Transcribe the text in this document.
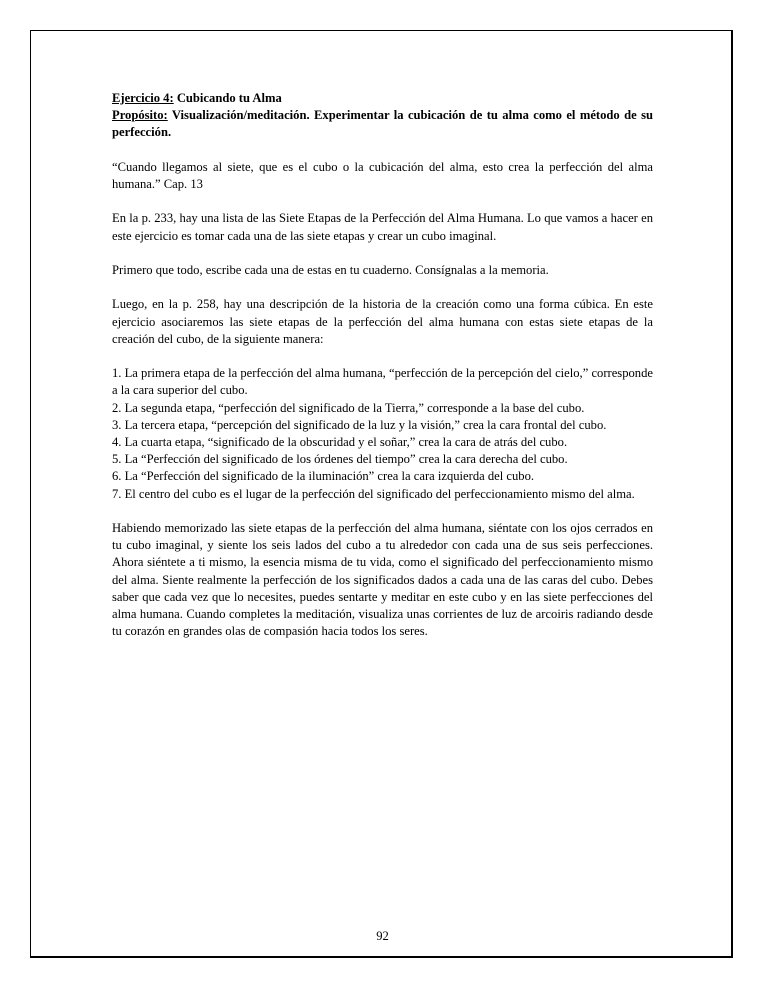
Ejercicio 4: Cubicando tu Alma
Propósito: Visualización/meditación. Experimentar la cubicación de tu alma como el método de su perfección.

“Cuando llegamos al siete, que es el cubo o la cubicación del alma, esto crea la perfección del alma humana.” Cap. 13

En la p. 233, hay una lista de las Siete Etapas de la Perfección del Alma Humana. Lo que vamos a hacer en este ejercicio es tomar cada una de las siete etapas y crear un cubo imaginal.

Primero que todo, escribe cada una de estas en tu cuaderno. Consígnalas a la memoria.

Luego, en la p. 258, hay una descripción de la historia de la creación como una forma cúbica. En este ejercicio asociaremos las siete etapas de la perfección del alma humana con estas siete etapas de la creación del cubo, de la siguiente manera:

1. La primera etapa de la perfección del alma humana, “perfección de la percepción del cielo,” corresponde a la cara superior del cubo.
2. La segunda etapa, “perfección del significado de la Tierra,” corresponde a la base del cubo.
3. La tercera etapa, “percepción del significado de la luz y la visión,” crea la cara frontal del cubo.
4. La cuarta etapa, “significado de la obscuridad y el soñar,” crea la cara de atrás del cubo.
5. La “Perfección del significado de los órdenes del tiempo” crea la cara derecha del cubo.
6. La “Perfección del significado de la iluminación” crea la cara izquierda del cubo.
7. El centro del cubo es el lugar de la perfección del significado del perfeccionamiento mismo del alma.

Habiendo memorizado las siete etapas de la perfección del alma humana, siéntate con los ojos cerrados en tu cubo imaginal, y siente los seis lados del cubo a tu alrededor con cada una de sus seis perfecciones. Ahora siéntete a ti mismo, la esencia misma de tu vida, como el significado del perfeccionamiento mismo del alma. Siente realmente la perfección de los significados dados a cada una de las caras del cubo. Debes saber que cada vez que lo necesites, puedes sentarte y meditar en este cubo y en las siete perfecciones del alma humana. Cuando completes la meditación, visualiza unas corrientes de luz de arcoiris radiando desde tu corazón en grandes olas de compasión hacia todos los seres.

92
